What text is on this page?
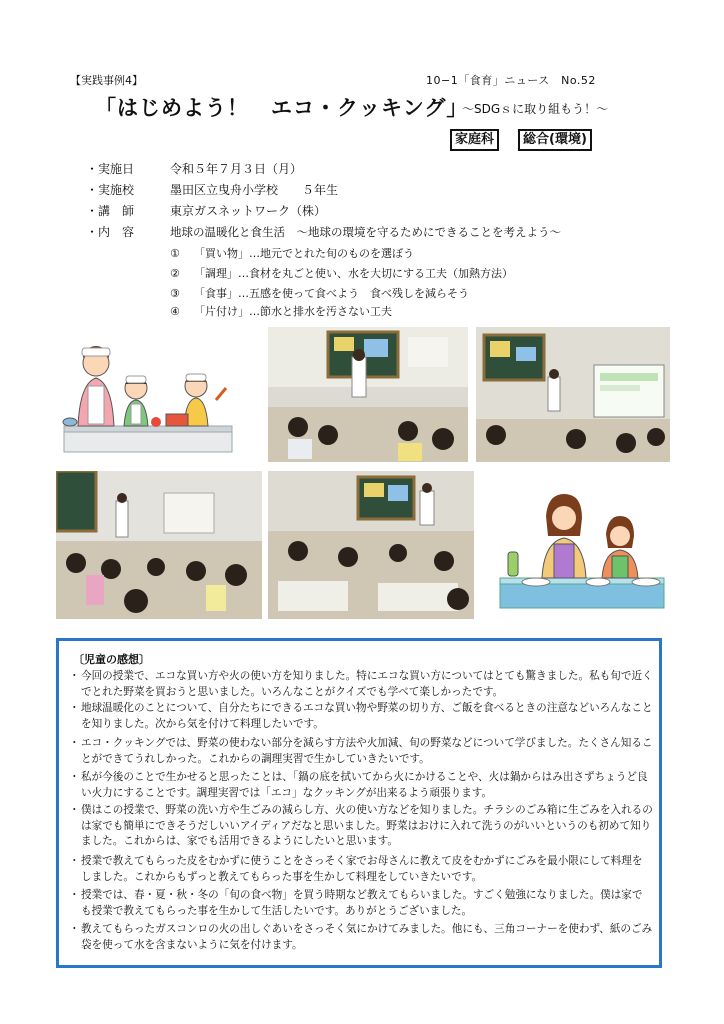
【実践事例4】	10−1「食育」ニュース　No.52
「はじめよう！　エコ・クッキング」
〜SDGｓに取り組もう！〜
家庭科	総合(環境)
・実施日	令和５年７月３日（月）
・実施校	墨田区立曳舟小学校　　５年生
・講　師	東京ガスネットワーク（株）
・内　容	地球の温暖化と食生活　〜地球の環境を守るためにできることを考えよう〜
① 「買い物」…地元でとれた旬のものを選ぼう
② 「調理」…食材を丸ごと使い、水を大切にする工夫（加熱方法）
③ 「食事」…五感を使って食べよう　食べ残しを減らそう
④ 「片付け」…節水と排水を汚さない工夫
〔児童の感想〕
・ 今回の授業で、エコな買い方や火の使い方を知りました。特にエコな買い方についてはとても驚きました。私も旬で近くでとれた野菜を買おうと思いました。いろんなことがクイズでも学べて楽しかったです。
・ 地球温暖化のことについて、自分たちにできるエコな買い物や野菜の切り方、ご飯を食べるときの注意などいろんなことを知りました。次から気を付けて料理したいです。
・ エコ・クッキングでは、野菜の使わない部分を減らす方法や火加減、旬の野菜などについて学びました。たくさん知ることができてうれしかった。これからの調理実習で生かしていきたいです。
・ 私が今後のことで生かせると思ったことは、「鍋の底を拭いてから火にかけることや、火は鍋からはみ出さずちょうど良い火力にすることです。調理実習では「エコ」なクッキングが出来るよう頑張ります。
・ 僕はこの授業で、野菜の洗い方や生ごみの減らし方、火の使い方などを知りました。チラシのごみ箱に生ごみを入れるのは家でも簡単にできそうだしいいアイディアだなと思いました。野菜はおけに入れて洗うのがいいというのも初めて知りました。これからは、家でも活用できるようにしたいと思います。
・ 授業で教えてもらった皮をむかずに使うことをさっそく家でお母さんに教えて皮をむかずにごみを最小限にして料理をしました。これからもずっと教えてもらった事を生かして料理をしていきたいです。
・ 授業では、春・夏・秋・冬の「旬の食べ物」を買う時期など教えてもらいました。すごく勉強になりました。僕は家でも授業で教えてもらった事を生かして生活したいです。ありがとうございました。
・ 教えてもらったガスコンロの火の出しぐあいをさっそく気にかけてみました。他にも、三角コーナーを使わず、紙のごみ袋を使って水を含まないように気を付けます。
